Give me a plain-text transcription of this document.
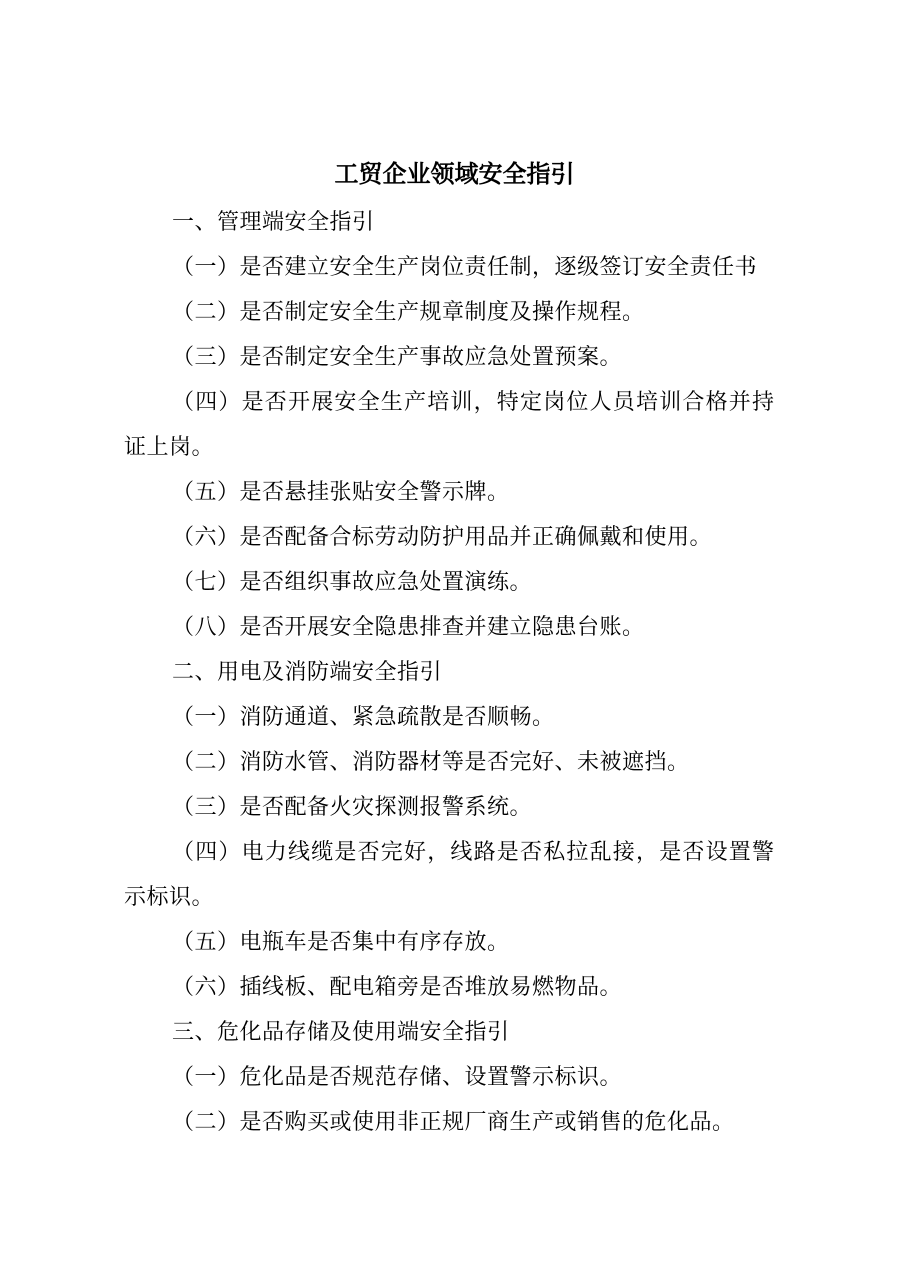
工贸企业领域安全指引
一、管理端安全指引
（一）是否建立安全生产岗位责任制，逐级签订安全责任书
（二）是否制定安全生产规章制度及操作规程。
（三）是否制定安全生产事故应急处置预案。
（四）是否开展安全生产培训，特定岗位人员培训合格并持
证上岗。
（五）是否悬挂张贴安全警示牌。
（六）是否配备合标劳动防护用品并正确佩戴和使用。
（七）是否组织事故应急处置演练。
（八）是否开展安全隐患排查并建立隐患台账。
二、用电及消防端安全指引
（一）消防通道、紧急疏散是否顺畅。
（二）消防水管、消防器材等是否完好、未被遮挡。
（三）是否配备火灾探测报警系统。
（四）电力线缆是否完好，线路是否私拉乱接，是否设置警
示标识。
（五）电瓶车是否集中有序存放。
（六）插线板、配电箱旁是否堆放易燃物品。
三、危化品存储及使用端安全指引
（一）危化品是否规范存储、设置警示标识。
（二）是否购买或使用非正规厂商生产或销售的危化品。
